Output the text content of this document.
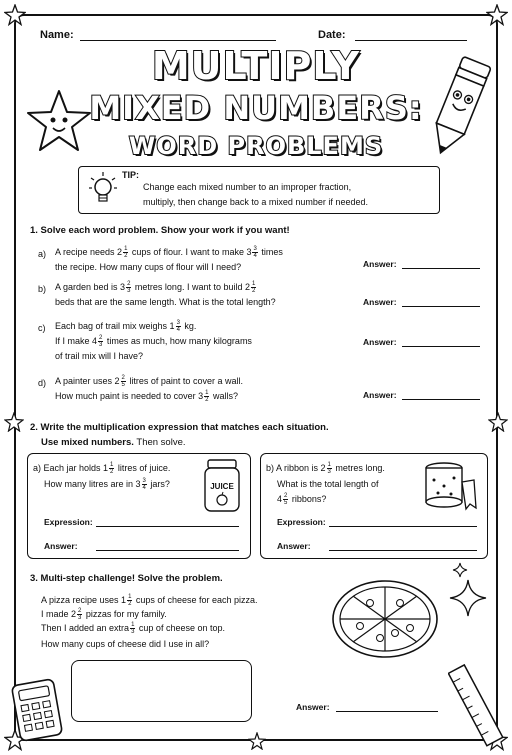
Name:	Date:
MULTIPLY
MIXED NUMBERS:
WORD PROBLEMS
TIP:
Change each mixed number to an improper fraction,
multiply, then change back to a mixed number if needed.
1. Solve each word problem. Show your work if you want!
a) A recipe needs $2 \frac{1}{2}$ cups of flour. I want to make $3 \frac{3}{4}$ times
the recipe. How many cups of flour will I need?	Answer:
b) A garden bed is $3 \frac{2}{3}$ metres long. I want to build $2 \frac{1}{2}$
beds that are the same length. What is the total length?	Answer:
c) Each bag of trail mix weighs $1 \frac{3}{4}$ kg.
If I make $4 \frac{2}{3}$ times as much, how many kilograms
of trail mix will I have?
Answer:
d) A painter uses $2 \frac{2}{5}$ litres of paint to cover a wall.
How much paint is needed to cover $3 \frac{1}{2}$ walls?	Answer:
2. Write the multiplication expression that matches each situation.
Use mixed numbers. Then solve.
a) Each jar holds $1 \frac{1}{2}$ litres of juice.
How many litres are in $3 \frac{3}{4}$ jars?	JUICE
Expression:
Answer:
b) A ribbon is $2 \frac{1}{3}$ metres long.
What is the total length of
$4 \frac{2}{5}$ ribbons?
Expression:
Answer:
3. Multi-step challenge! Solve the problem.
A pizza recipe uses $1 \frac{1}{2}$ cups of cheese for each pizza.
I made $2 \frac{2}{3}$ pizzas for my family.
Then I added an extra $\frac{1}{3}$ cup of cheese on top.
How many cups of cheese did I use in all?
Answer:
